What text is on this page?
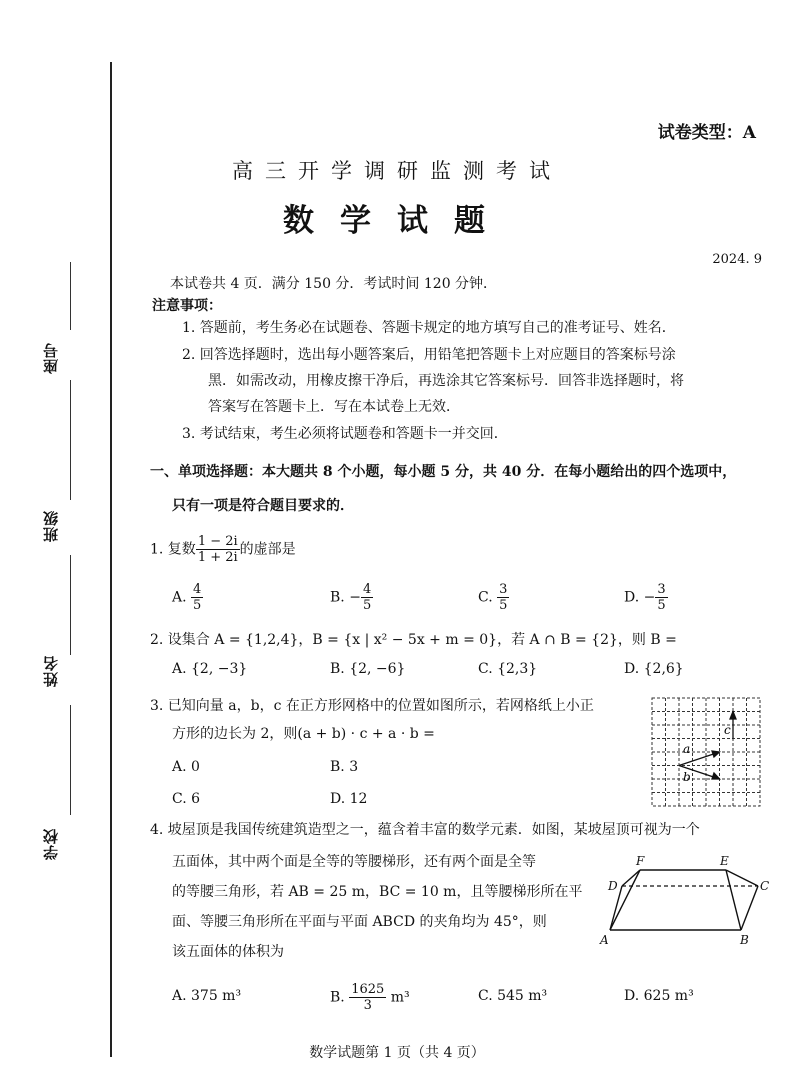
座号
班级
姓名
学校
试卷类型：A
高三开学调研监测考试
数学试题
2024. 9
本试卷共 4 页．满分 150 分．考试时间 120 分钟．
注意事项：
1. 答题前，考生务必在试题卷、答题卡规定的地方填写自己的准考证号、姓名．
2. 回答选择题时，选出每小题答案后，用铅笔把答题卡上对应题目的答案标号涂
黑．如需改动，用橡皮擦干净后，再选涂其它答案标号．回答非选择题时，将
答案写在答题卡上．写在本试卷上无效．
3. 考试结束，考生必须将试题卷和答题卡一并交回．
一、单项选择题：本大题共 8 个小题，每小题 5 分，共 40 分．在每小题给出的四个选项中，
只有一项是符合题目要求的．
1. 复数 $\frac{1 - 2i}{1 + 2i}$ 的虚部是
A. $\frac{4}{5}$	B. − $\frac{4}{5}$	C. $\frac{3}{5}$	D. − $\frac{3}{5}$
2. 设集合 A = {1,2,4}，B = {x | x² − 5x + m = 0}，若 A ∩ B = {2}，则 B =
A. {2, −3}	B. {2, −6}	C. {2,3}	D. {2,6}
3. 已知向量 a，b，c 在正方形网格中的位置如图所示，若网格纸上小正
方形的边长为 2，则(a + b) · c + a · b =
A. 0	B. 3
C. 6	D. 12
a
b
c
4. 坡屋顶是我国传统建筑造型之一，蕴含着丰富的数学元素．如图，某坡屋顶可视为一个
五面体，其中两个面是全等的等腰梯形，还有两个面是全等
的等腰三角形，若 AB = 25 m，BC = 10 m，且等腰梯形所在平
面、等腰三角形所在平面与平面 ABCD 的夹角均为 45°，则
该五面体的体积为
A. 375 m³	B. $\frac{1625}{3} m^3$	C. 545 m³	D. 625 m³
F	E
D	C
A	B
数学试题第 1 页（共 4 页）
